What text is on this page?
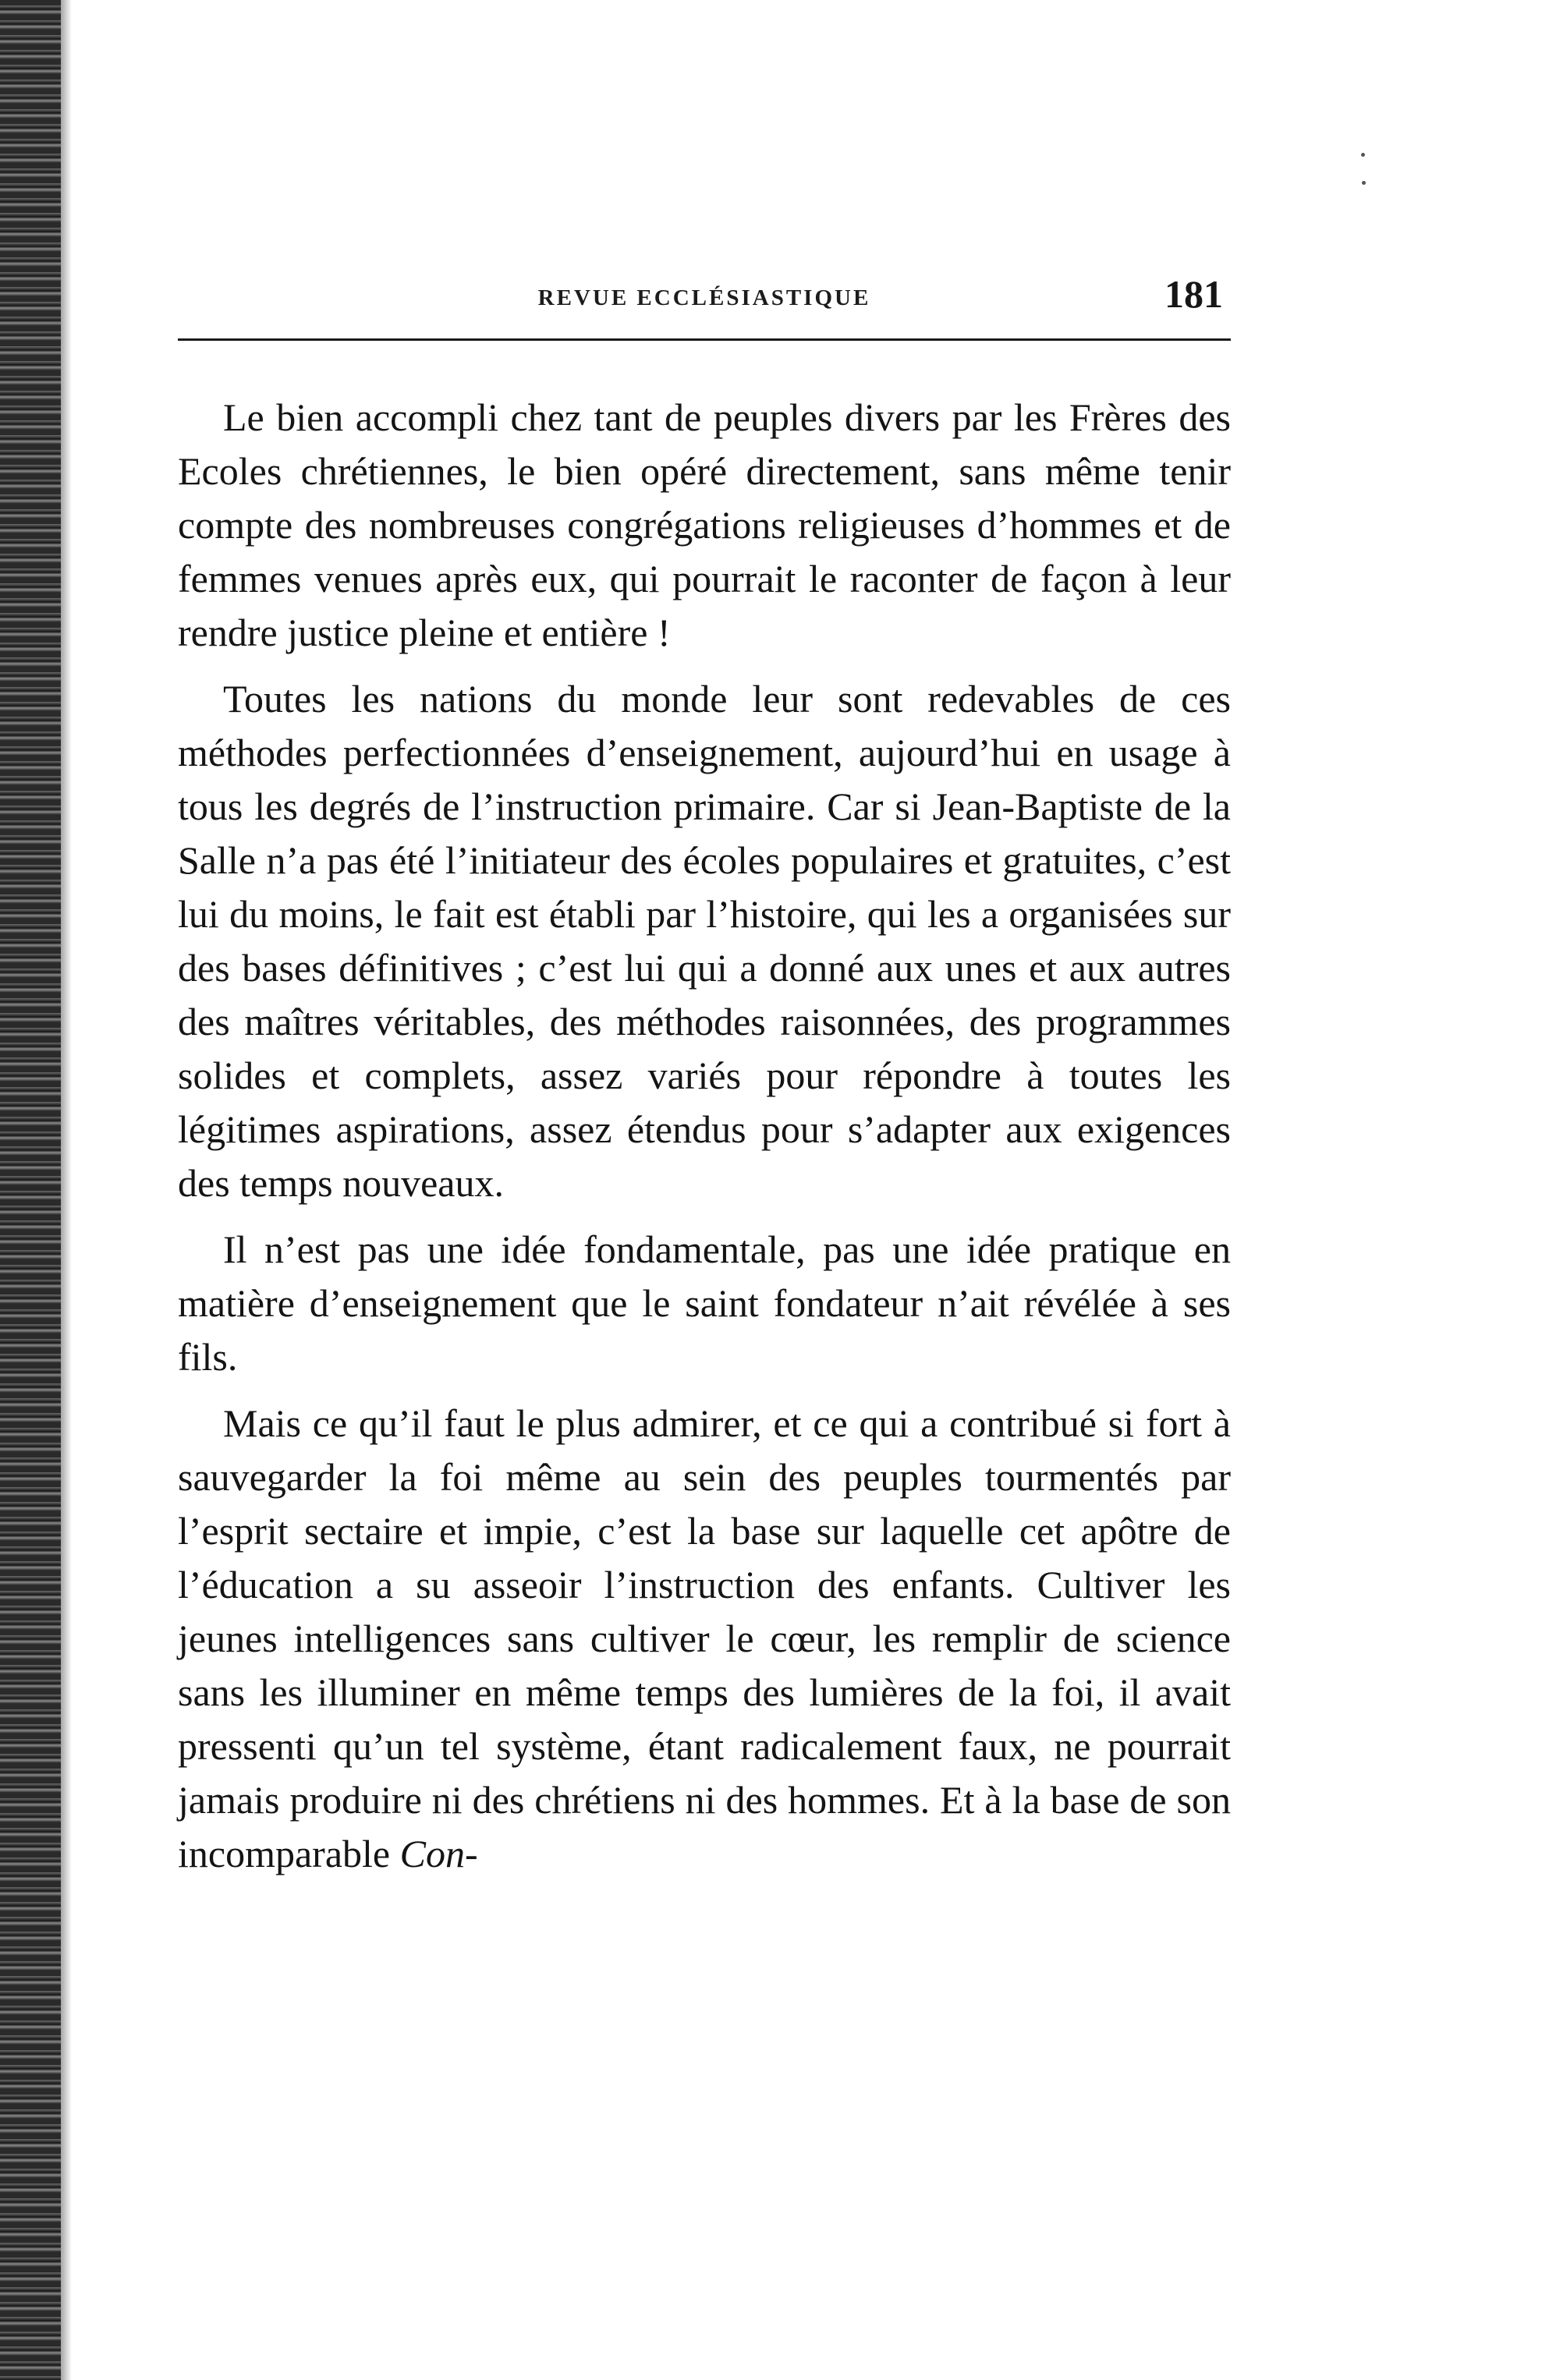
REVUE ECCLÉSIASTIQUE	181

Le bien accompli chez tant de peuples divers par les Frères des Ecoles chrétiennes, le bien opéré directement, sans même tenir compte des nombreuses congrégations religieuses d’hommes et de femmes venues après eux, qui pourrait le raconter de façon à leur rendre justice pleine et entière !

Toutes les nations du monde leur sont redevables de ces méthodes perfectionnées d’enseignement, aujourd’hui en usage à tous les degrés de l’instruction primaire. Car si Jean-Baptiste de la Salle n’a pas été l’initiateur des écoles populaires et gratuites, c’est lui du moins, le fait est établi par l’histoire, qui les a organisées sur des bases définitives ; c’est lui qui a donné aux unes et aux autres des maîtres véritables, des méthodes raisonnées, des programmes solides et complets, assez variés pour répondre à toutes les légitimes aspirations, assez étendus pour s’adapter aux exigences des temps nouveaux.

Il n’est pas une idée fondamentale, pas une idée pratique en matière d’enseignement que le saint fondateur n’ait révélée à ses fils.

Mais ce qu’il faut le plus admirer, et ce qui a contribué si fort à sauvegarder la foi même au sein des peuples tourmentés par l’esprit sectaire et impie, c’est la base sur laquelle cet apôtre de l’éducation a su asseoir l’instruction des enfants. Cultiver les jeunes intelligences sans cultiver le cœur, les remplir de science sans les illuminer en même temps des lumières de la foi, il avait pressenti qu’un tel système, étant radicalement faux, ne pourrait jamais produire ni des chrétiens ni des hommes. Et à la base de son incomparable Con-
